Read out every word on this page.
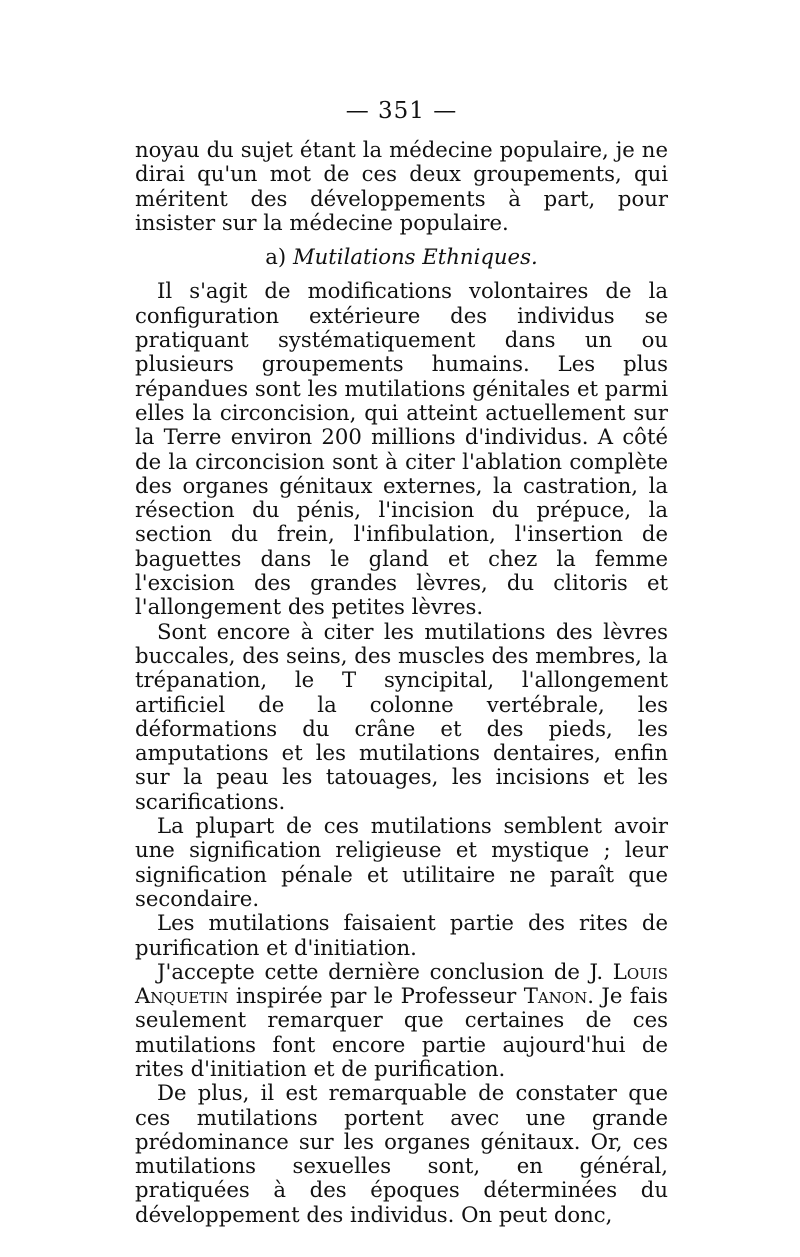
— 351 —

noyau du sujet étant la médecine populaire, je ne dirai qu'un mot de ces deux groupements, qui méritent des développements à part, pour insister sur la médecine populaire.

a) Mutilations Ethniques.

Il s'agit de modifications volontaires de la configuration extérieure des individus se pratiquant systématiquement dans un ou plusieurs groupements humains. Les plus répandues sont les mutilations génitales et parmi elles la circoncision, qui atteint actuellement sur la Terre environ 200 millions d'individus. A côté de la circoncision sont à citer l'ablation complète des organes génitaux externes, la castration, la résection du pénis, l'incision du prépuce, la section du frein, l'infibulation, l'insertion de baguettes dans le gland et chez la femme l'excision des grandes lèvres, du clitoris et l'allongement des petites lèvres.

Sont encore à citer les mutilations des lèvres buccales, des seins, des muscles des membres, la trépanation, le T syncipital, l'allongement artificiel de la colonne vertébrale, les déformations du crâne et des pieds, les amputations et les mutilations dentaires, enfin sur la peau les tatouages, les incisions et les scarifications.

La plupart de ces mutilations semblent avoir une signification religieuse et mystique ; leur signification pénale et utilitaire ne paraît que secondaire.

Les mutilations faisaient partie des rites de purification et d'initiation.

J'accepte cette dernière conclusion de J. Louis Anquetin inspirée par le Professeur Tanon. Je fais seulement remarquer que certaines de ces mutilations font encore partie aujourd'hui de rites d'initiation et de purification.

De plus, il est remarquable de constater que ces mutilations portent avec une grande prédominance sur les organes génitaux. Or, ces mutilations sexuelles sont, en général, pratiquées à des époques déterminées du développement des individus. On peut donc,
